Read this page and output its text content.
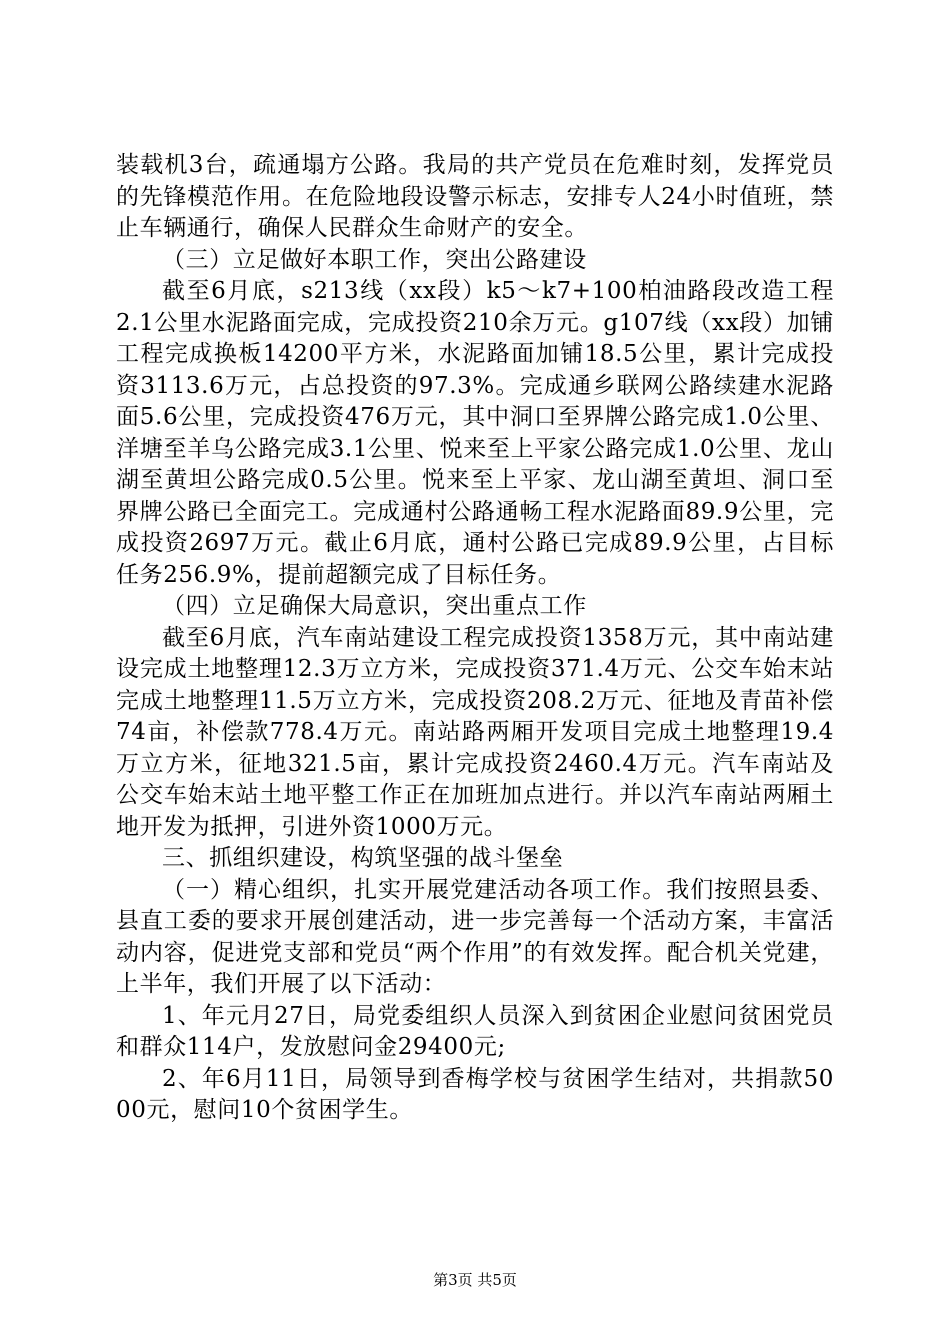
装载机3台，疏通塌方公路。我局的共产党员在危难时刻，发挥党员的先锋模范作用。在危险地段设警示标志，安排专人24小时值班，禁止车辆通行，确保人民群众生命财产的安全。

（三）立足做好本职工作，突出公路建设

截至6月底，s213线（xx段）k5～k7+100柏油路段改造工程2.1公里水泥路面完成，完成投资210余万元。g107线（xx段）加铺工程完成换板14200平方米，水泥路面加铺18.5公里，累计完成投资3113.6万元，占总投资的97.3%。完成通乡联网公路续建水泥路面5.6公里，完成投资476万元，其中洞口至界牌公路完成1.0公里、洋塘至羊乌公路完成3.1公里、悦来至上平家公路完成1.0公里、龙山湖至黄坦公路完成0.5公里。悦来至上平家、龙山湖至黄坦、洞口至界牌公路已全面完工。完成通村公路通畅工程水泥路面89.9公里，完成投资2697万元。截止6月底，通村公路已完成89.9公里，占目标任务256.9%，提前超额完成了目标任务。

（四）立足确保大局意识，突出重点工作

截至6月底，汽车南站建设工程完成投资1358万元，其中南站建设完成土地整理12.3万立方米，完成投资371.4万元、公交车始末站完成土地整理11.5万立方米，完成投资208.2万元、征地及青苗补偿74亩，补偿款778.4万元。南站路两厢开发项目完成土地整理19.4万立方米，征地321.5亩，累计完成投资2460.4万元。汽车南站及公交车始末站土地平整工作正在加班加点进行。并以汽车南站两厢土地开发为抵押，引进外资1000万元。

三、抓组织建设，构筑坚强的战斗堡垒

（一）精心组织，扎实开展党建活动各项工作。我们按照县委、县直工委的要求开展创建活动，进一步完善每一个活动方案，丰富活动内容，促进党支部和党员“两个作用”的有效发挥。配合机关党建，上半年，我们开展了以下活动：

1、年元月27日，局党委组织人员深入到贫困企业慰问贫困党员和群众114户，发放慰问金29400元;

2、年6月11日，局领导到香梅学校与贫困学生结对，共捐款5000元，慰问10个贫困学生。

第3页 共5页
